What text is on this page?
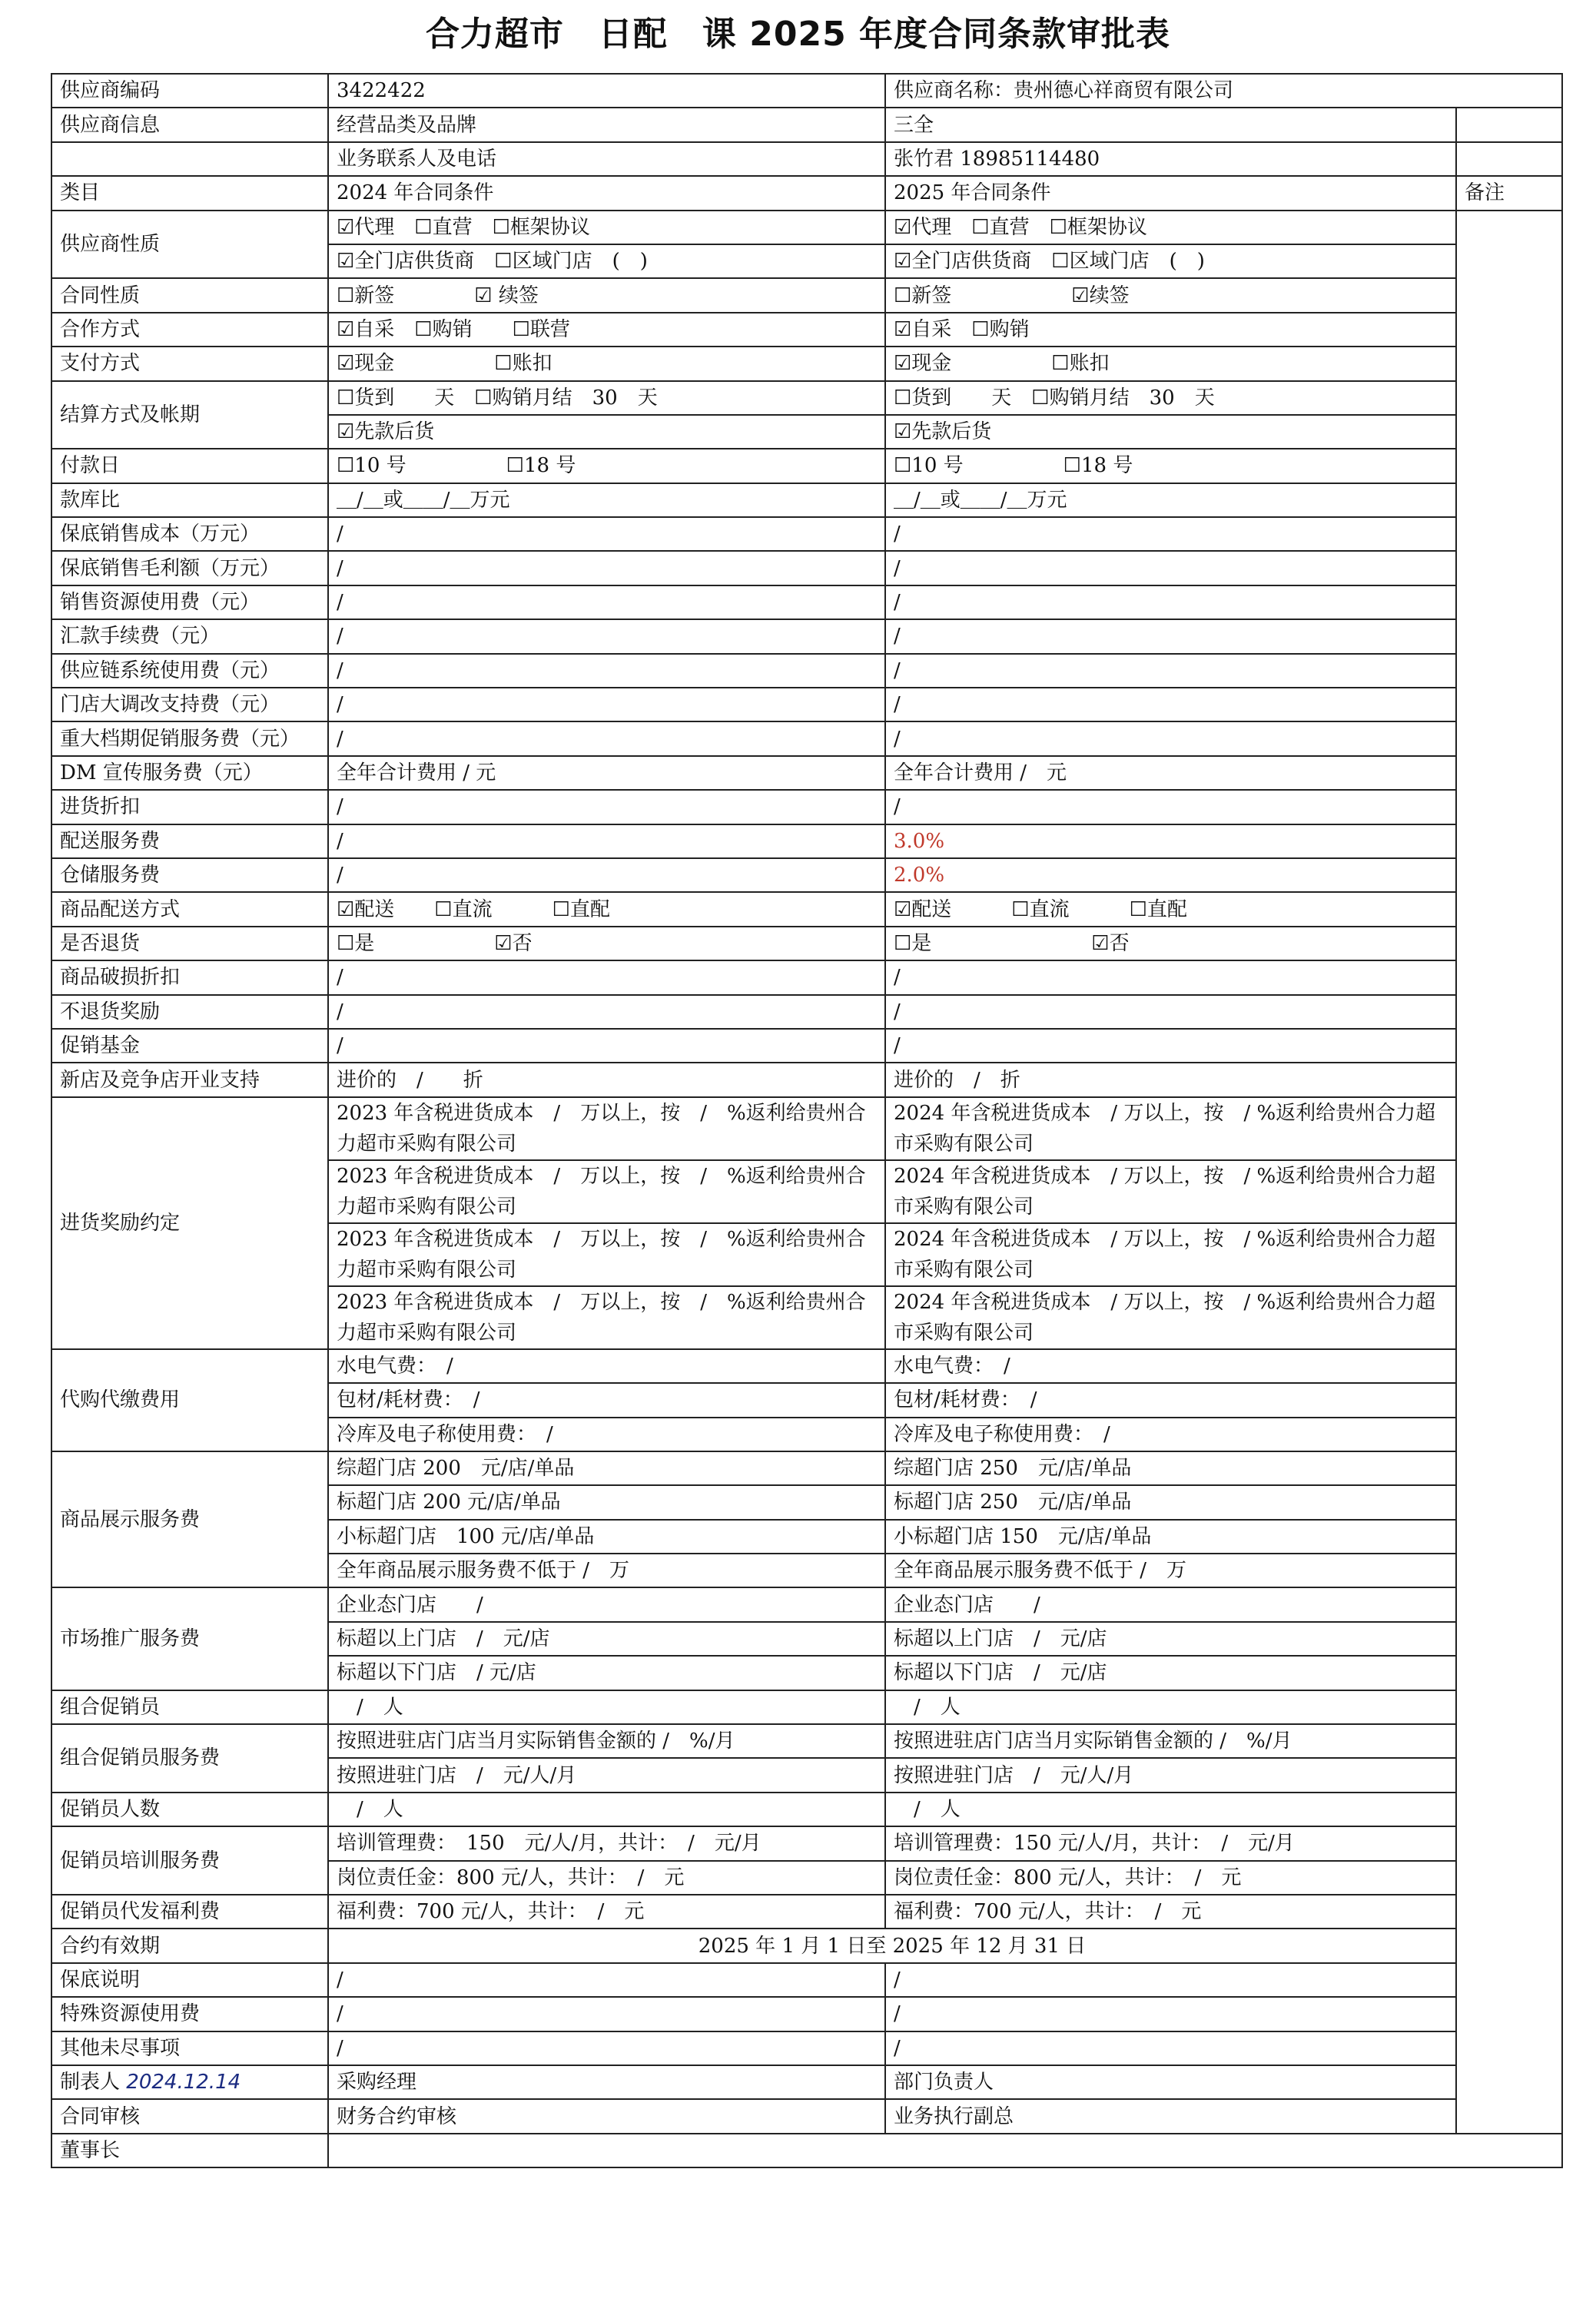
合力超市　日配　课 2025 年度合同条款审批表
供应商编码	3422422	供应商名称：贵州德心祥商贸有限公司		
供应商信息	经营品类及品牌	三全		
	业务联系人及电话	张竹君 18985114480		
类目	2024 年合同条件	2025 年合同条件	备注	
供应商性质	☑代理　☐直营　☐框架协议	☑代理　☐直营　☐框架协议		
	☑全门店供货商　☐区域门店　(　)	☑全门店供货商　☐区域门店　(　)		
合同性质	☐新签　　　　☑ 续签	☐新签　　　　　　☑续签		
合作方式	☑自采　☐购销　　☐联营	☑自采　☐购销		
支付方式	☑现金　　　　　☐账扣	☑现金　　　　　☐账扣		
结算方式及帐期	☐货到　　天　☐购销月结　30　天	☐货到　　天　☐购销月结　30　天		
	☑先款后货	☑先款后货		
付款日	☐10 号　　　　　☐18 号	☐10 号　　　　　☐18 号		
款库比	＿/＿或＿＿/＿万元	＿/＿或＿＿/＿万元		
保底销售成本（万元）	/	/		
保底销售毛利额（万元）	/	/		
销售资源使用费（元）	/	/		
汇款手续费（元）	/	/		
供应链系统使用费（元）	/	/		
门店大调改支持费（元）	/	/		
重大档期促销服务费（元）	/	/		
DM 宣传服务费（元）	全年合计费用 / 元	全年合计费用 /　元		
进货折扣	/	/		
配送服务费	/	3.0%		
仓储服务费	/	2.0%		
商品配送方式	☑配送　　☐直流　　　☐直配	☑配送　　　☐直流　　　☐直配		
是否退货	☐是　　　　　　☑否	☐是　　　　　　　　☑否		
商品破损折扣	/	/		
不退货奖励	/	/		
促销基金	/	/		
新店及竞争店开业支持	进价的　/　　折	进价的　/　折		
进货奖励约定	2023 年含税进货成本　/　万以上，按　/　%返利给贵州合力超市采购有限公司	2024 年含税进货成本　/ 万以上，按　/ %返利给贵州合力超市采购有限公司		

	2023 年含税进货成本　/　万以上，按　/　%返利给贵州合力超市采购有限公司	2024 年含税进货成本　/ 万以上，按　/ %返利给贵州合力超市采购有限公司		

	2023 年含税进货成本　/　万以上，按　/　%返利给贵州合力超市采购有限公司	2024 年含税进货成本　/ 万以上，按　/ %返利给贵州合力超市采购有限公司		

	2023 年含税进货成本　/　万以上，按　/　%返利给贵州合力超市采购有限公司	2024 年含税进货成本　/ 万以上，按　/ %返利给贵州合力超市采购有限公司		

代购代缴费用	水电气费：　/	水电气费：　/		
	包材/耗材费：　/	包材/耗材费：　/		
	冷库及电子称使用费：　/	冷库及电子称使用费：　/		
商品展示服务费	综超门店 200　元/店/单品	综超门店 250　元/店/单品		
	标超门店 200 元/店/单品	标超门店 250　元/店/单品		
	小标超门店　100 元/店/单品	小标超门店 150　元/店/单品		
	全年商品展示服务费不低于 /　万	全年商品展示服务费不低于 /　万		
市场推广服务费	企业态门店　　/	企业态门店　　/		
	标超以上门店　/　元/店	标超以上门店　/　元/店		
	标超以下门店　/ 元/店	标超以下门店　/　元/店		
组合促销员	　/　人	　/　人		
组合促销员服务费	按照进驻店门店当月实际销售金额的 /　%/月	按照进驻店门店当月实际销售金额的 /　%/月		
	按照进驻门店　/　元/人/月	按照进驻门店　/　元/人/月		
促销员人数	　/　人	　/　人		
促销员培训服务费	培训管理费：　150　元/人/月，共计：　/　元/月	培训管理费：150 元/人/月，共计：　/　元/月		
	岗位责任金：800 元/人，共计：　/　元	岗位责任金：800 元/人，共计：　/　元		
促销员代发福利费	福利费：700 元/人，共计：　/　元	福利费：700 元/人，共计：　/　元		
合约有效期	2025 年 1 月 1 日至 2025 年 12 月 31 日			
保底说明	/	/		
特殊资源使用费	/	/		
其他未尽事项	/	/		
制表人 2024.12.14	采购经理	部门负责人		
合同审核	财务合约审核	业务执行副总		
董事长				
